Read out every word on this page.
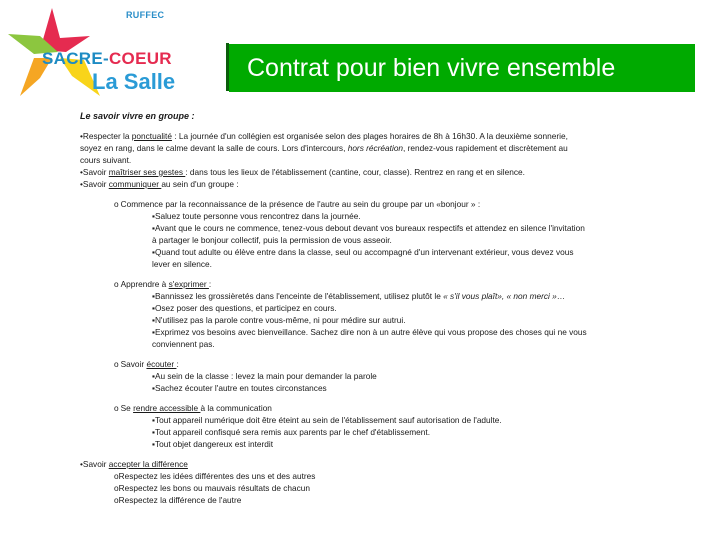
RUFFEC
SACRE-COEUR
La Salle	Contrat pour bien vivre ensemble
Le savoir vivre en groupe :

•Respecter la ponctualité : La journée d'un collégien est organisée selon des plages horaires de 8h à 16h30. A la deuxième sonnerie,

soyez en rang, dans le calme devant la salle de cours. Lors d'intercours, hors récréation, rendez-vous rapidement et discrètement au

cours suivant.

•Savoir maîtriser ses gestes : dans tous les lieux de l'établissement (cantine, cour, classe). Rentrez en rang et en silence.

•Savoir communiquer au sein d'un groupe :

o Commence par la reconnaissance de la présence de l'autre au sein du groupe par un «bonjour » :

▪Saluez toute personne vous rencontrez dans la journée.

▪Avant que le cours ne commence, tenez-vous debout devant vos bureaux respectifs et attendez en silence l'invitation

à partager le bonjour collectif, puis la permission de vous asseoir.

▪Quand tout adulte ou élève entre dans la classe, seul ou accompagné d'un intervenant extérieur, vous devez vous

lever en silence.

o Apprendre à s'exprimer :

▪Bannissez les grossièretés dans l'enceinte de l'établissement, utilisez plutôt le « s'il vous plaît», « non merci »…

▪Osez poser des questions, et participez en cours.

▪N'utilisez pas la parole contre vous-même, ni pour médire sur autrui.

▪Exprimez vos besoins avec bienveillance. Sachez dire non à un autre élève qui vous propose des choses qui ne vous

conviennent pas.

o Savoir écouter :

▪Au sein de la classe : levez la main pour demander la parole

▪Sachez écouter l'autre en toutes circonstances

o Se rendre accessible à la communication

▪Tout appareil numérique doit être éteint au sein de l'établissement sauf autorisation de l'adulte.

▪Tout appareil confisqué sera remis aux parents par le chef d'établissement.

▪Tout objet dangereux est interdit

•Savoir accepter la différence

oRespectez les idées différentes des uns et des autres

oRespectez les bons ou mauvais résultats de chacun

oRespectez la différence de l'autre
